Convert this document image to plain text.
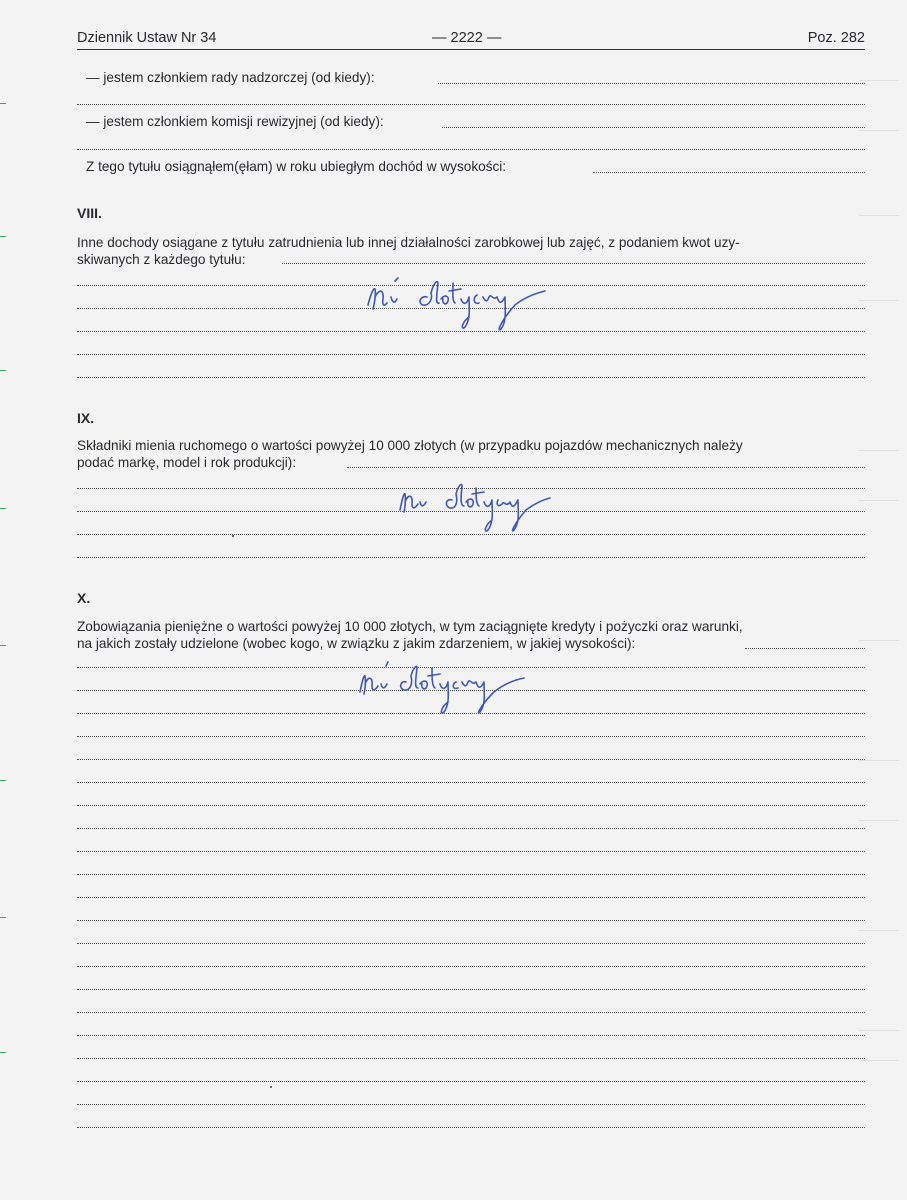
Dziennik Ustaw Nr 34	— 2222 —	Poz. 282
— jestem członkiem rady nadzorczej (od kiedy):
— jestem członkiem komisji rewizyjnej (od kiedy):
Z tego tytułu osiągnąłem(ęłam) w roku ubiegłym dochód w wysokości:
VIII.
Inne dochody osiągane z tytułu zatrudnienia lub innej działalności zarobkowej lub zajęć, z podaniem kwot uzy-
skiwanych z każdego tytułu:
IX.
Składniki mienia ruchomego o wartości powyżej 10 000 złotych (w przypadku pojazdów mechanicznych należy
podać markę, model i rok produkcji):
X.
Zobowiązania pieniężne o wartości powyżej 10 000 złotych, w tym zaciągnięte kredyty i pożyczki oraz warunki,
na jakich zostały udzielone (wobec kogo, w związku z jakim zdarzeniem, w jakiej wysokości):
